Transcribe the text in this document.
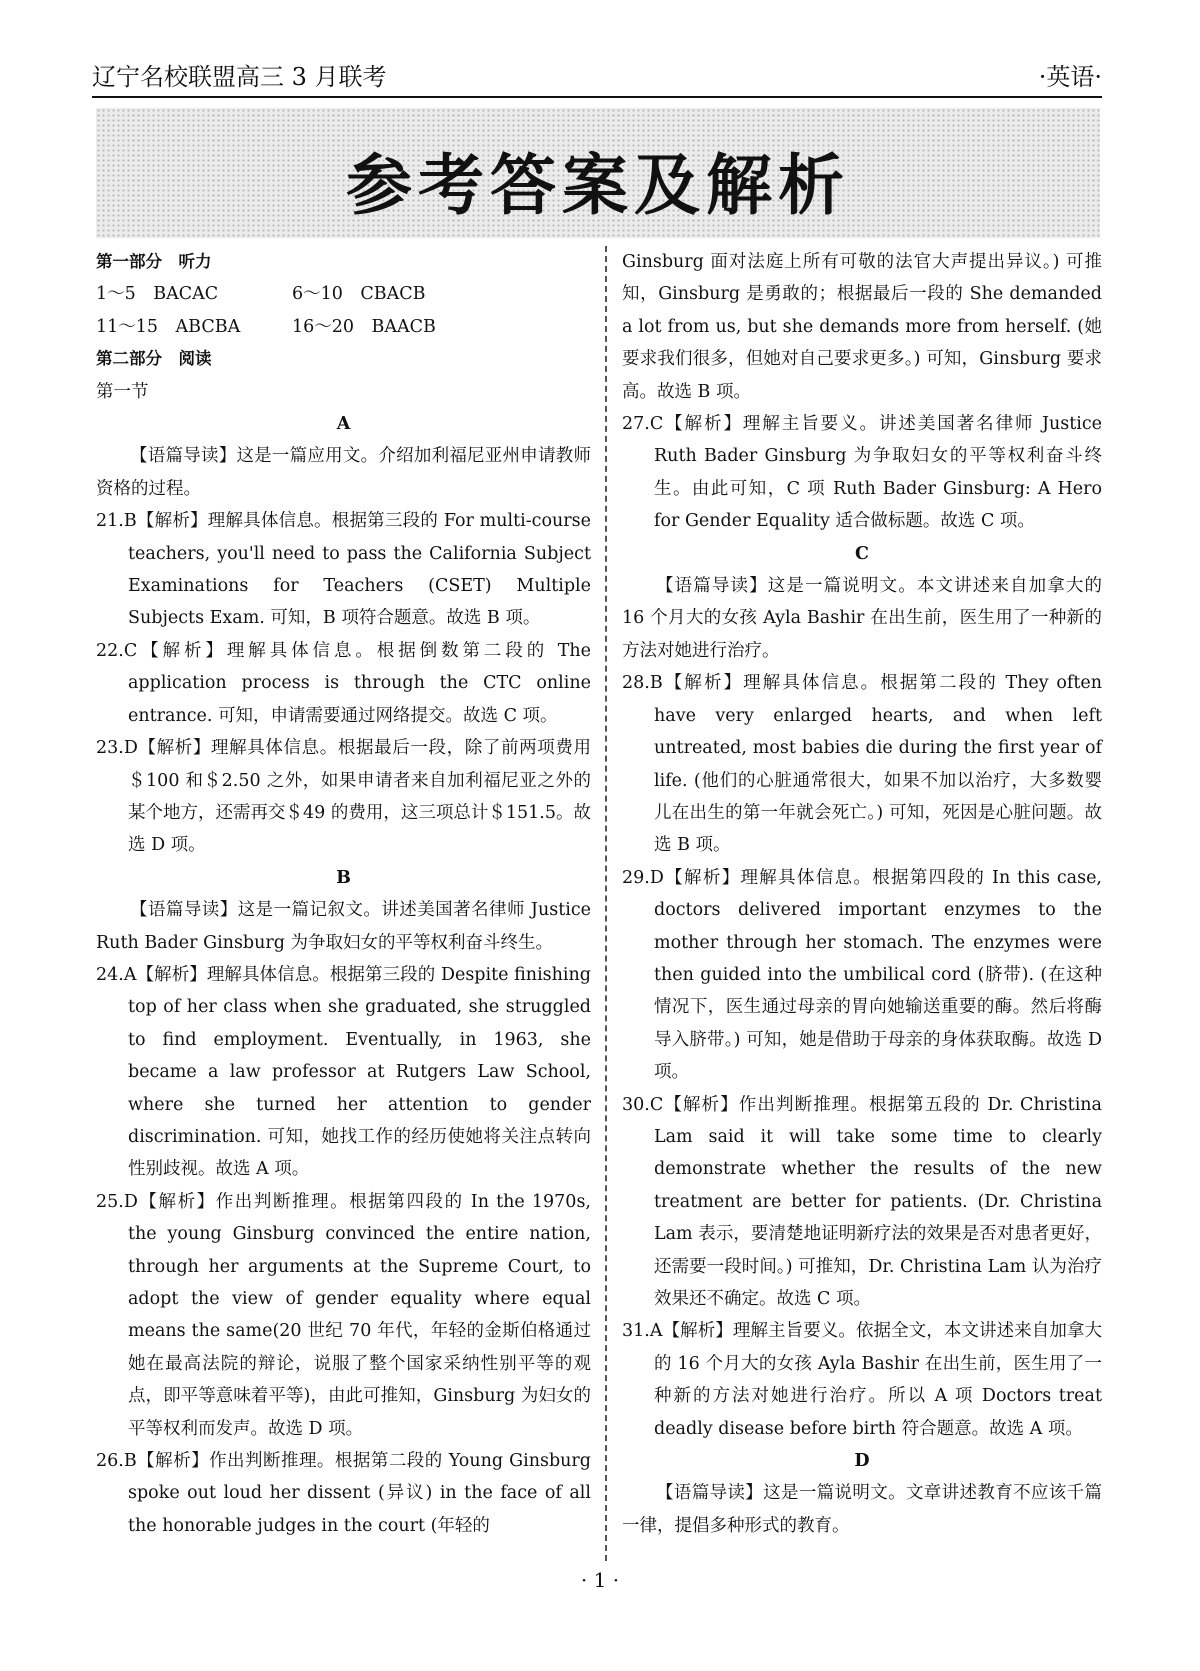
辽宁名校联盟高三 3 月联考	·英语·
参考答案及解析

第一部分　听力

1～5　BACAC	6～10　CBACB

11～15　ABCBA	16～20　BAACB

第二部分　阅读

第一节

A

【语篇导读】这是一篇应用文。介绍加利福尼亚州申请教师资格的过程。

21.B【解析】理解具体信息。根据第三段的 For multi-course teachers, you'll need to pass the California Subject Examinations for Teachers (CSET) Multiple Subjects Exam. 可知，B 项符合题意。故选 B 项。

22.C【解析】理解具体信息。根据倒数第二段的 The application process is through the CTC online entrance. 可知，申请需要通过网络提交。故选 C 项。

23.D【解析】理解具体信息。根据最后一段，除了前两项费用＄100 和＄2.50 之外，如果申请者来自加利福尼亚之外的某个地方，还需再交＄49 的费用，这三项总计＄151.5。故选 D 项。

B

【语篇导读】这是一篇记叙文。讲述美国著名律师 Justice Ruth Bader Ginsburg 为争取妇女的平等权利奋斗终生。

24.A【解析】理解具体信息。根据第三段的 Despite finishing top of her class when she graduated, she struggled to find employment. Eventually, in 1963, she became a law professor at Rutgers Law School, where she turned her attention to gender discrimination. 可知，她找工作的经历使她将关注点转向性别歧视。故选 A 项。

25.D【解析】作出判断推理。根据第四段的 In the 1970s, the young Ginsburg convinced the entire nation, through her arguments at the Supreme Court, to adopt the view of gender equality where equal means the same(20 世纪 70 年代，年轻的金斯伯格通过她在最高法院的辩论，说服了整个国家采纳性别平等的观点，即平等意味着平等)，由此可推知，Ginsburg 为妇女的平等权利而发声。故选 D 项。

26.B【解析】作出判断推理。根据第二段的 Young Ginsburg spoke out loud her dissent (异议) in the face of all the honorable judges in the court (年轻的

Ginsburg 面对法庭上所有可敬的法官大声提出异议。) 可推知，Ginsburg 是勇敢的；根据最后一段的 She demanded a lot from us, but she demands more from herself. (她要求我们很多，但她对自己要求更多。) 可知，Ginsburg 要求高。故选 B 项。

27.C【解析】理解主旨要义。讲述美国著名律师 Justice Ruth Bader Ginsburg 为争取妇女的平等权利奋斗终生。由此可知，C 项 Ruth Bader Ginsburg: A Hero for Gender Equality 适合做标题。故选 C 项。

C

【语篇导读】这是一篇说明文。本文讲述来自加拿大的 16 个月大的女孩 Ayla Bashir 在出生前，医生用了一种新的方法对她进行治疗。

28.B【解析】理解具体信息。根据第二段的 They often have very enlarged hearts, and when left untreated, most babies die during the first year of life. (他们的心脏通常很大，如果不加以治疗，大多数婴儿在出生的第一年就会死亡。) 可知，死因是心脏问题。故选 B 项。

29.D【解析】理解具体信息。根据第四段的 In this case, doctors delivered important enzymes to the mother through her stomach. The enzymes were then guided into the umbilical cord (脐带). (在这种情况下，医生通过母亲的胃向她输送重要的酶。然后将酶导入脐带。) 可知，她是借助于母亲的身体获取酶。故选 D 项。

30.C【解析】作出判断推理。根据第五段的 Dr. Christina Lam said it will take some time to clearly demonstrate whether the results of the new treatment are better for patients. (Dr. Christina Lam 表示，要清楚地证明新疗法的效果是否对患者更好，还需要一段时间。) 可推知，Dr. Christina Lam 认为治疗效果还不确定。故选 C 项。

31.A【解析】理解主旨要义。依据全文，本文讲述来自加拿大的 16 个月大的女孩 Ayla Bashir 在出生前，医生用了一种新的方法对她进行治疗。所以 A 项 Doctors treat deadly disease before birth 符合题意。故选 A 项。

D

【语篇导读】这是一篇说明文。文章讲述教育不应该千篇一律，提倡多种形式的教育。

· 1 ·
